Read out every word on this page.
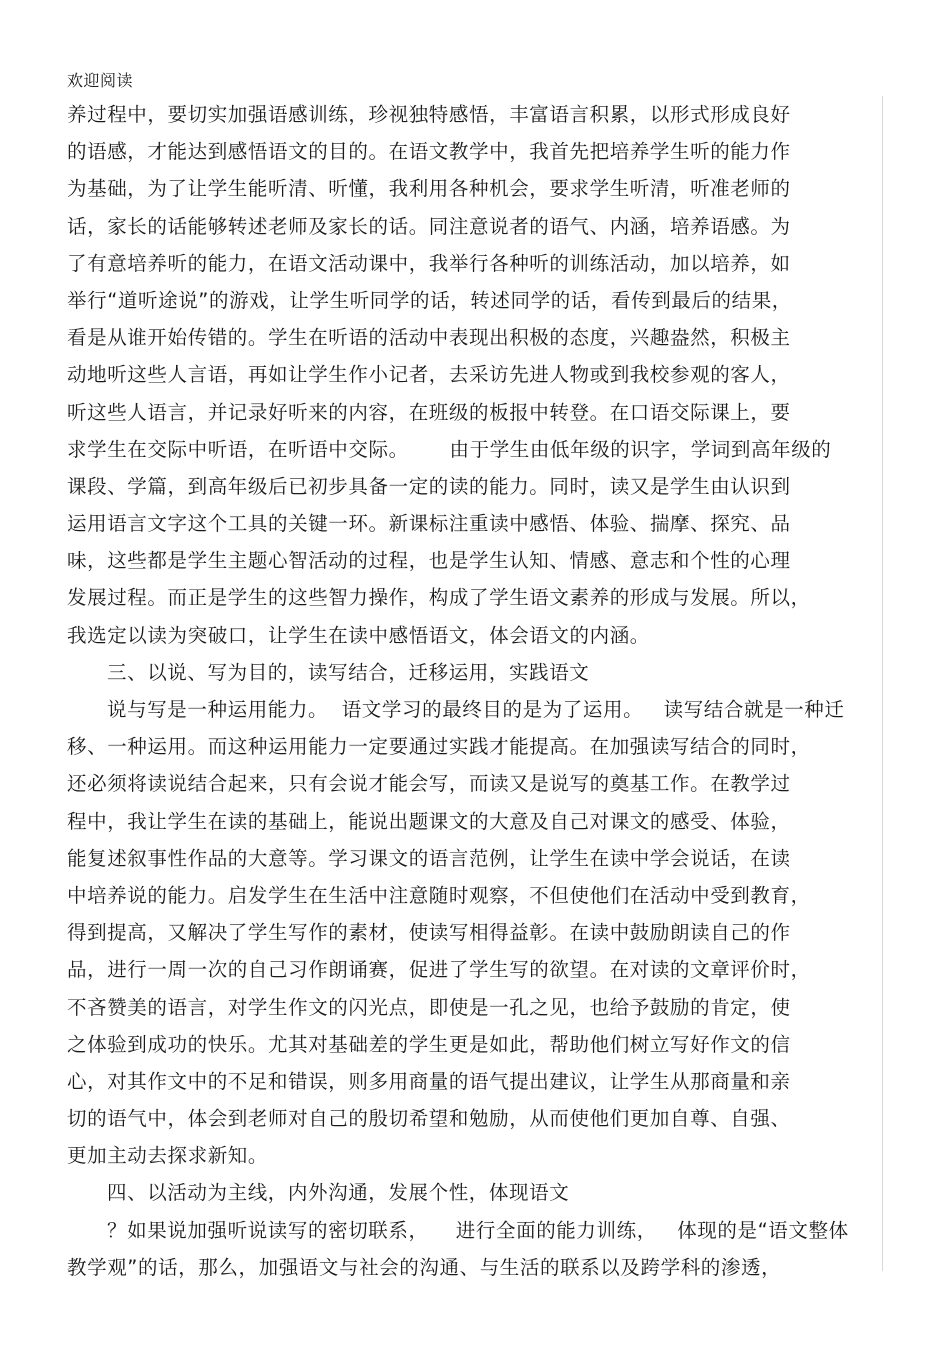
欢迎阅读
养过程中，要切实加强语感训练，珍视独特感悟，丰富语言积累，以形式形成良好
的语感，才能达到感悟语文的目的。在语文教学中，我首先把培养学生听的能力作
为基础，为了让学生能听清、听懂，我利用各种机会，要求学生听清，听准老师的
话，家长的话能够转述老师及家长的话。同注意说者的语气、内涵，培养语感。为
了有意培养听的能力，在语文活动课中，我举行各种听的训练活动，加以培养，如
举行“道听途说”的游戏，让学生听同学的话，转述同学的话，看传到最后的结果，
看是从谁开始传错的。学生在听语的活动中表现出积极的态度，兴趣盎然，积极主
动地听这些人言语，再如让学生作小记者，去采访先进人物或到我校参观的客人，
听这些人语言，并记录好听来的内容，在班级的板报中转登。在口语交际课上，要
求学生在交际中听语，在听语中交际。      由于学生由低年级的识字，学词到高年级的
课段、学篇，到高年级后已初步具备一定的读的能力。同时，读又是学生由认识到
运用语言文字这个工具的关键一环。新课标注重读中感悟、体验、揣摩、探究、品
味，这些都是学生主题心智活动的过程，也是学生认知、情感、意志和个性的心理
发展过程。而正是学生的这些智力操作，构成了学生语文素养的形成与发展。所以，
我选定以读为突破口，让学生在读中感悟语文，体会语文的内涵。
三、以说、写为目的，读写结合，迁移运用，实践语文
说与写是一种运用能力。  语文学习的最终目的是为了运用。   读写结合就是一种迁
移、一种运用。而这种运用能力一定要通过实践才能提高。在加强读写结合的同时，
还必须将读说结合起来，只有会说才能会写，而读又是说写的奠基工作。在教学过
程中，我让学生在读的基础上，能说出题课文的大意及自己对课文的感受、体验，
能复述叙事性作品的大意等。学习课文的语言范例，让学生在读中学会说话，在读
中培养说的能力。启发学生在生活中注意随时观察，不但使他们在活动中受到教育，
得到提高，又解决了学生写作的素材，使读写相得益彰。在读中鼓励朗读自己的作
品，进行一周一次的自己习作朗诵赛，促进了学生写的欲望。在对读的文章评价时，
不吝赞美的语言，对学生作文的闪光点，即使是一孔之见，也给予鼓励的肯定，使
之体验到成功的快乐。尤其对基础差的学生更是如此，帮助他们树立写好作文的信
心，对其作文中的不足和错误，则多用商量的语气提出建议，让学生从那商量和亲
切的语气中，体会到老师对自己的殷切希望和勉励，从而使他们更加自尊、自强、
更加主动去探求新知。
四、以活动为主线，内外沟通，发展个性，体现语文
？如果说加强听说读写的密切联系，    进行全面的能力训练，   体现的是“语文整体
教学观”的话，那么，加强语文与社会的沟通、与生活的联系以及跨学科的渗透，
